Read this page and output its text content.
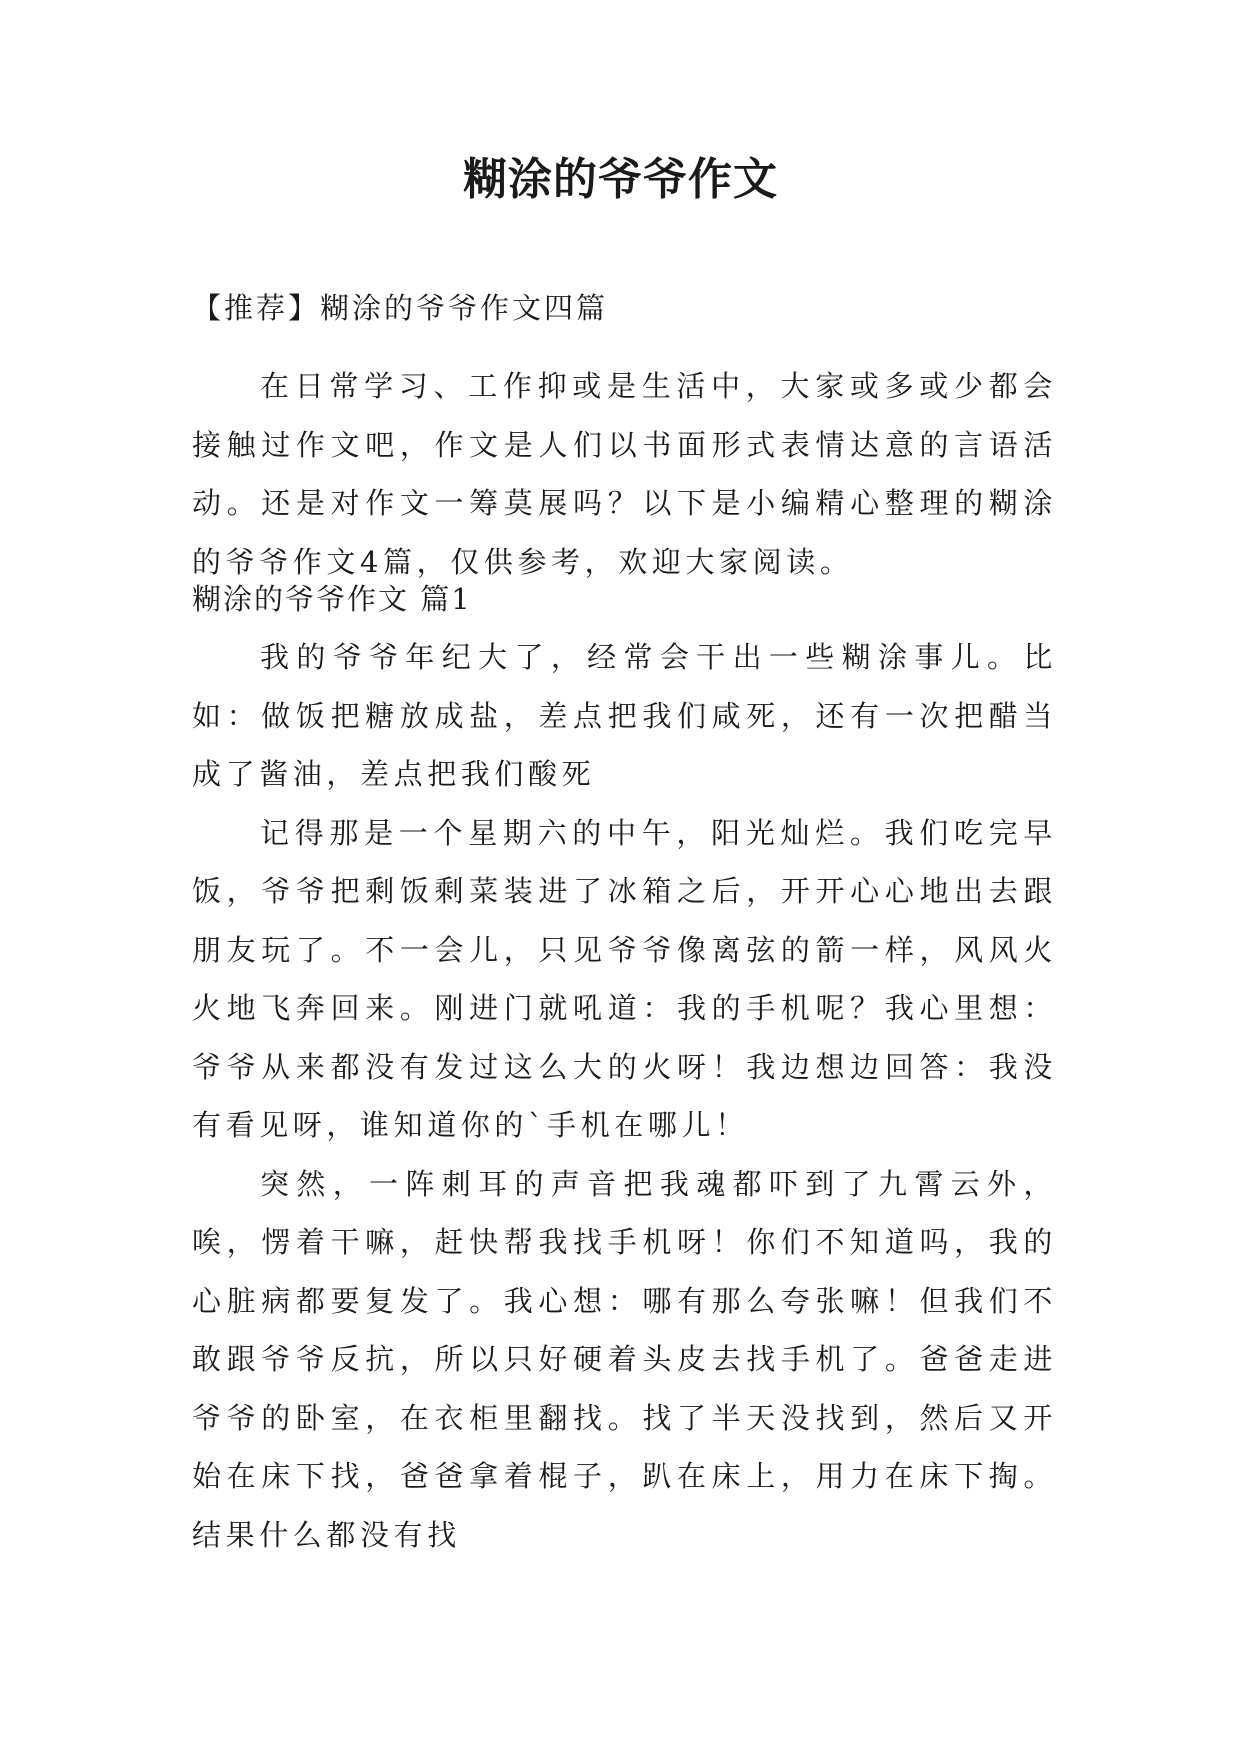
糊涂的爷爷作文

【推荐】糊涂的爷爷作文四篇

在日常学习、工作抑或是生活中，大家或多或少都会接触过作文吧，作文是人们以书面形式表情达意的言语活动。还是对作文一筹莫展吗？以下是小编精心整理的糊涂的爷爷作文4篇，仅供参考，欢迎大家阅读。

糊涂的爷爷作文 篇1

我的爷爷年纪大了，经常会干出一些糊涂事儿。比如：做饭把糖放成盐，差点把我们咸死，还有一次把醋当成了酱油，差点把我们酸死

记得那是一个星期六的中午，阳光灿烂。我们吃完早饭，爷爷把剩饭剩菜装进了冰箱之后，开开心心地出去跟朋友玩了。不一会儿，只见爷爷像离弦的箭一样，风风火火地飞奔回来。刚进门就吼道：我的手机呢？我心里想：爷爷从来都没有发过这么大的火呀！我边想边回答：我没有看见呀，谁知道你的`手机在哪儿！

突然，一阵刺耳的声音把我魂都吓到了九霄云外，唉，愣着干嘛，赶快帮我找手机呀！你们不知道吗，我的心脏病都要复发了。我心想：哪有那么夸张嘛！但我们不敢跟爷爷反抗，所以只好硬着头皮去找手机了。爸爸走进爷爷的卧室，在衣柜里翻找。找了半天没找到，然后又开始在床下找，爸爸拿着棍子，趴在床上，用力在床下掏。结果什么都没有找
